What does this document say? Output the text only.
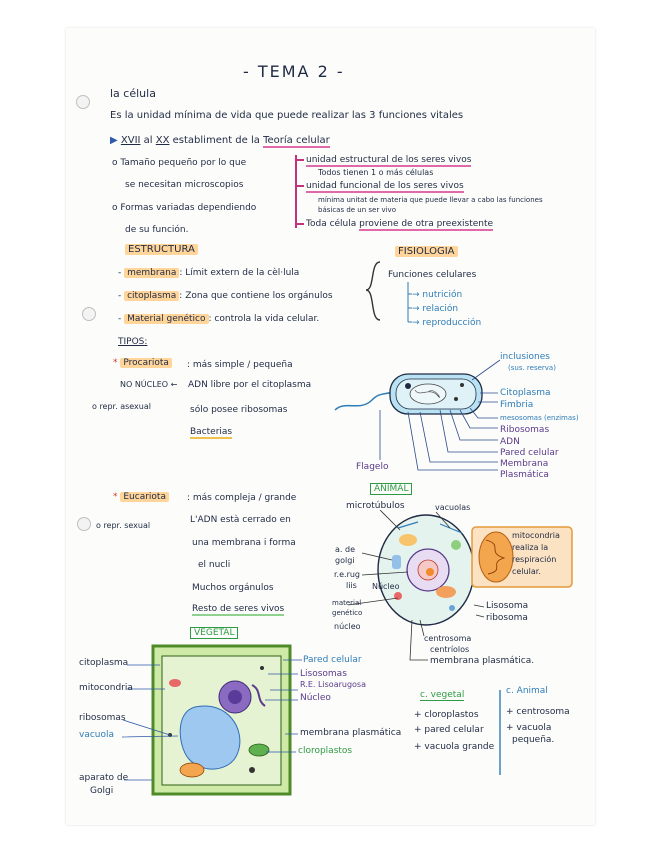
- TEMA 2 -
la célula
Es la unidad mínima de vida que puede realizar las 3 funciones vitales
▶ XVII al XX establiment de la Teoría celular
o Tamaño pequeño por lo que
se necesitan microscopios
o Formas variadas dependiendo
de su función.
unidad estructural de los seres vivos
Todos tienen 1 o más células
unidad funcional de los seres vivos
mínima unitat de materia que puede llevar a cabo las funciones básicas de un ser vivo
Toda célula proviene de otra preexistente
ESTRUCTURA
- membrana : Límit extern de la cèl·lula
- citoplasma : Zona que contiene los orgánulos
- Material genético : controla la vida celular.
FISIOLOGIA
Funciones celulares
→ nutrición
→ relación
→ reproducción
TIPOS:
* Procariota	: más simple / pequeña
NO NÚCLEO ← ADN libre por el citoplasma
o repr. asexual	sólo posee ribosomas
Bacterias
* Eucariota	: más compleja / grande
o repr. sexual
L'ADN està cerrado en
una membrana i forma
el nucli
Muchos orgánulos
Resto de seres vivos
inclusiones
(sus. reserva)
Citoplasma
Fimbria
mesosomas (enzimas)
Ribosomas
ADN
Pared celular
Membrana
Plasmática
Flagelo
ANIMAL
microtúbulos	vacuolas
a. de golgi
r.e.rug
liis Núcleo
material genético
núcleo
Lisosoma
ribosoma
centrosoma
centríolos
membrana plasmática.
mitocondria
realiza la
respiración
celular.
VEGETAL
citoplasma
mitocondria
ribosomas
vacuola
aparato de
Golgi
Pared celular
Lisosomas
R.E. Lisoarugosa
Núcleo
membrana plasmática
cloroplastos
c. vegetal	c. Animal
+ cloroplastos
+ pared celular
+ vacuola grande
+ centrosoma
+ vacuola
pequeña.
